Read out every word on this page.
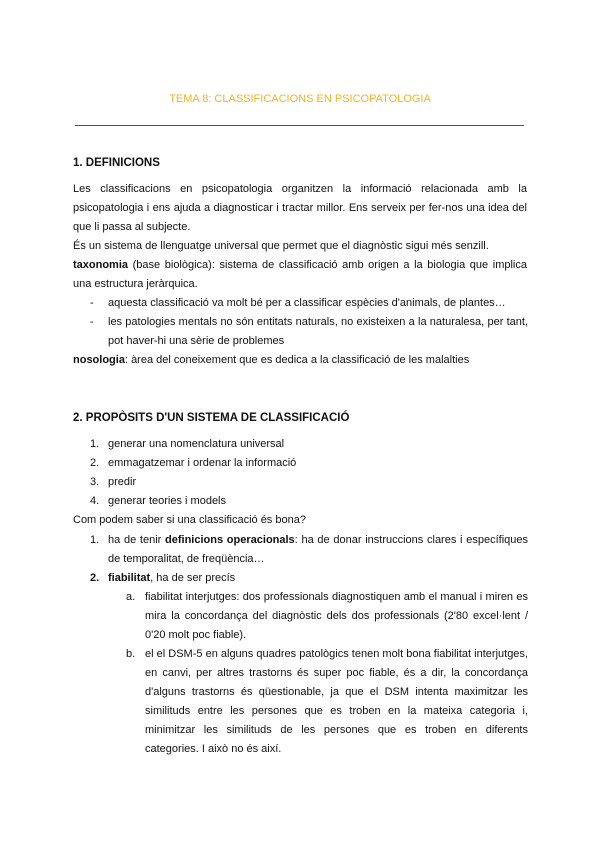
TEMA 8: CLASSIFICACIONS EN PSICOPATOLOGIA
1. DEFINICIONS
Les classificacions en psicopatologia organitzen la informació relacionada amb la psicopatologia i ens ajuda a diagnosticar i tractar millor. Ens serveix per fer-nos una idea del que li passa al subjecte.
És un sistema de llenguatge universal que permet que el diagnòstic sigui més senzill.
taxonomia (base biològica): sistema de classificació amb origen a la biologia que implica una estructura jeràrquica.
- aquesta classificació va molt bé per a classificar espècies d'animals, de plantes…
- les patologies mentals no són entitats naturals, no existeixen a la naturalesa, per tant, pot haver-hi una sèrie de problemes
nosologia: àrea del coneixement que es dedica a la classificació de les malalties
2. PROPÒSITS D'UN SISTEMA DE CLASSIFICACIÓ
1. generar una nomenclatura universal
2. emmagatzemar i ordenar la informació
3. predir
4. generar teories i models
Com podem saber si una classificació és bona?
1. ha de tenir definicions operacionals: ha de donar instruccions clares i específiques de temporalitat, de freqüència…
2. fiabilitat, ha de ser precís
a. fiabilitat interjutges: dos professionals diagnostiquen amb el manual i miren es mira la concordança del diagnòstic dels dos professionals (2'80 excel·lent / 0'20 molt poc fiable).
b. el el DSM-5 en alguns quadres patològics tenen molt bona fiabilitat interjutges, en canvi, per altres trastorns és super poc fiable, és a dir, la concordança d'alguns trastorns és qüestionable, ja que el DSM intenta maximitzar les similituds entre les persones que es troben en la mateixa categoria i, minimitzar les similituds de les persones que es troben en diferents categories. I això no és així.
